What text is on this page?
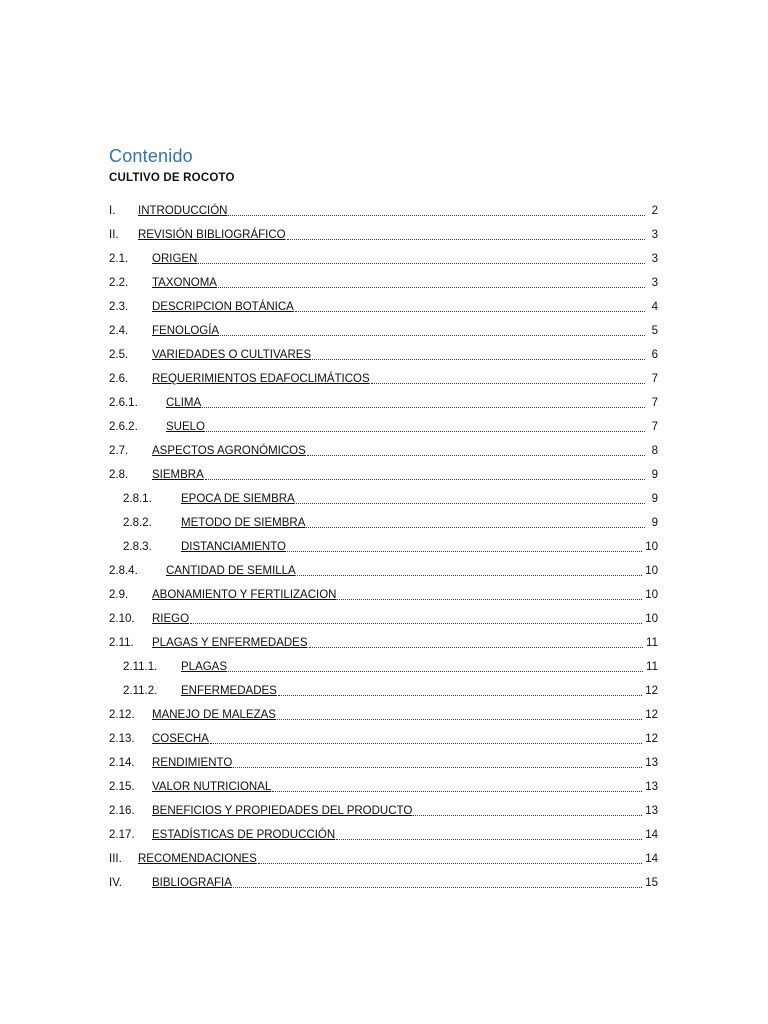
Contenido

CULTIVO DE ROCOTO

I.	INTRODUCCIÓN	2
II.	REVISIÓN BIBLIOGRÁFICO	3
2.1.	ORIGEN	3
2.2.	TAXONOMA	3
2.3.	DESCRIPCION BOTÁNICA	4
2.4.	FENOLOGÍA	5
2.5.	VARIEDADES O CULTIVARES	6
2.6.	REQUERIMIENTOS EDAFOCLIMÁTICOS	7
2.6.1.	CLIMA	7
2.6.2.	SUELO	7
2.7.	ASPECTOS AGRONÓMICOS	8
2.8.	SIEMBRA	9
2.8.1.	EPOCA DE SIEMBRA	9
2.8.2.	METODO DE SIEMBRA	9
2.8.3.	DISTANCIAMIENTO	10
2.8.4.	CANTIDAD DE SEMILLA	10
2.9.	ABONAMIENTO Y FERTILIZACION	10
2.10.	RIEGO	10
2.11.	PLAGAS Y ENFERMEDADES	11
2.11.1.	PLAGAS	11
2.11.2.	ENFERMEDADES	12
2.12.	MANEJO DE MALEZAS	12
2.13.	COSECHA	12
2.14.	RENDIMIENTO	13
2.15.	VALOR NUTRICIONAL	13
2.16.	BENEFICIOS Y PROPIEDADES DEL PRODUCTO	13
2.17.	ESTADÍSTICAS DE PRODUCCIÓN	14
III.	RECOMENDACIONES	14
IV.	BIBLIOGRAFIA	15
